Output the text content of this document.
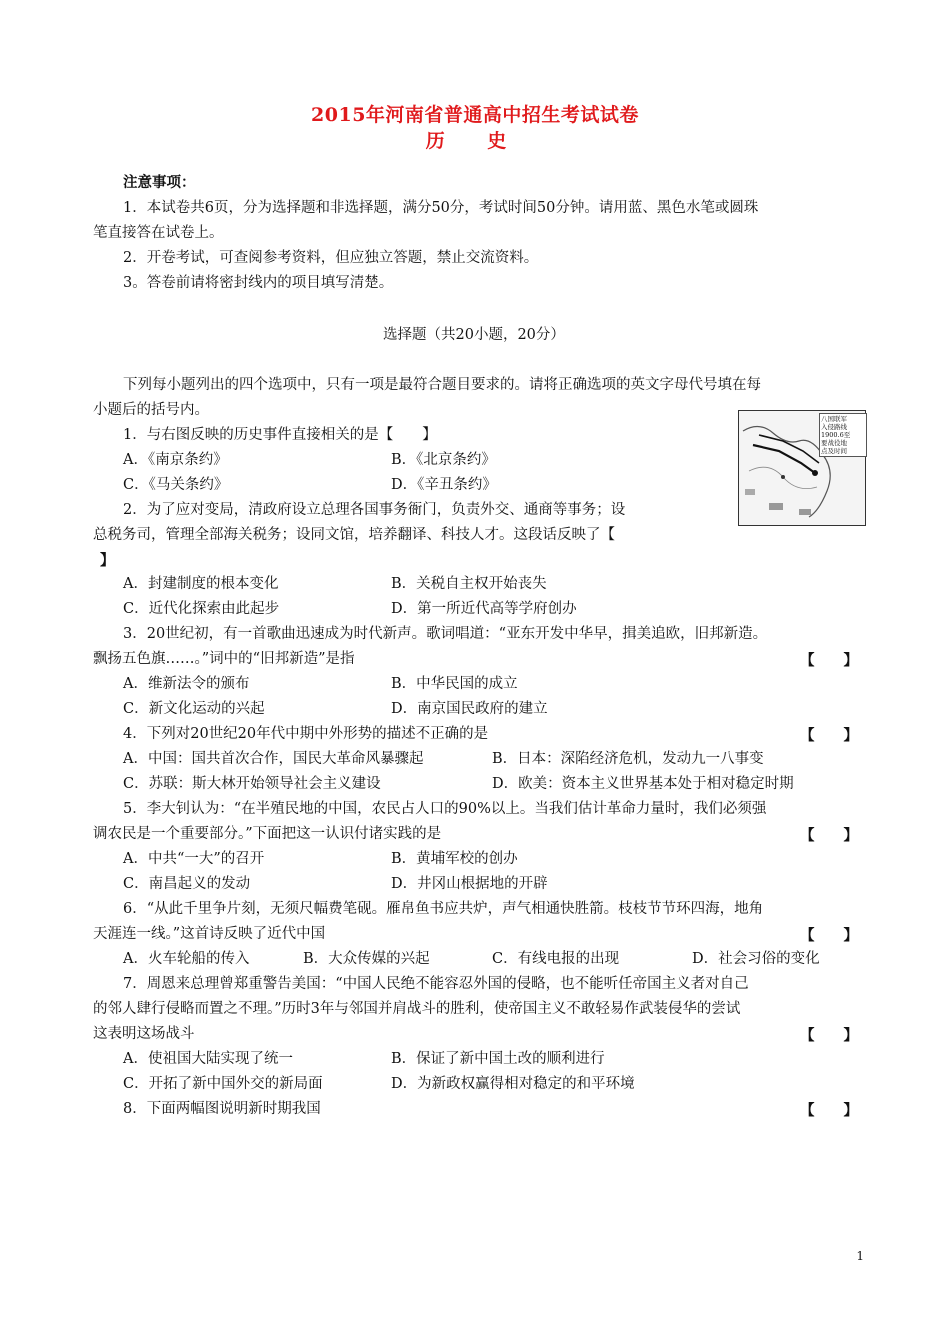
2015年河南省普通高中招生考试试卷
历 史
注意事项：
1．本试卷共6页，分为选择题和非选择题，满分50分，考试时间50分钟。请用蓝、黑色水笔或圆珠
笔直接答在试卷上。
2．开卷考试，可查阅参考资料，但应独立答题，禁止交流资料。
3。答卷前请将密封线内的项目填写清楚。
选择题（共20小题，20分）
下列每小题列出的四个选项中，只有一项是最符合题目要求的。请将正确选项的英文字母代号填在每
小题后的括号内。
1．与右图反映的历史事件直接相关的是【　　】
A．《南京条约》	B．《北京条约》
C．《马关条约》	D．《辛丑条约》
八国联军
入侵路线
1900.6至
要战役地
点及时间
2．为了应对变局，清政府设立总理各国事务衙门，负责外交、通商等事务；设
总税务司，管理全部海关税务；设同文馆，培养翻译、科技人才。这段话反映了【
】
A．封建制度的根本变化	B．关税自主权开始丧失
C．近代化探索由此起步	D．第一所近代高等学府创办
3．20世纪初，有一首歌曲迅速成为时代新声。歌词唱道：“亚东开发中华早，揖美追欧，旧邦新造。
飘扬五色旗……。”词中的“旧邦新造”是指	【　　】
A．维新法令的颁布	B．中华民国的成立
C．新文化运动的兴起	D．南京国民政府的建立
4．下列对20世纪20年代中期中外形势的描述不正确的是	【　　】
A．中国：国共首次合作，国民大革命风暴骤起	B．日本：深陷经济危机，发动九一八事变
C．苏联：斯大林开始领导社会主义建设	D．欧美：资本主义世界基本处于相对稳定时期
5．李大钊认为：“在半殖民地的中国，农民占人口的90%以上。当我们估计革命力量时，我们必须强
调农民是一个重要部分。”下面把这一认识付诸实践的是	【　　】
A．中共“一大”的召开	B．黄埔军校的创办
C．南昌起义的发动	D．井冈山根据地的开辟
6．“从此千里争片刻，无须尺幅费笔砚。雁帛鱼书应共炉，声气相通快胜箭。枝枝节节环四海，地角
天涯连一线。”这首诗反映了近代中国	【　　】
A．火车轮船的传入	B．大众传媒的兴起	C．有线电报的出现	D．社会习俗的变化
7．周恩来总理曾郑重警告美国：“中国人民绝不能容忍外国的侵略，也不能听任帝国主义者对自己
的邻人肆行侵略而置之不理。”历时3年与邻国并肩战斗的胜利，使帝国主义不敢轻易作武装侵华的尝试
这表明这场战斗	【　　】
A．使祖国大陆实现了统一	B．保证了新中国土改的顺利进行
C．开拓了新中国外交的新局面	D．为新政权赢得相对稳定的和平环境
8．下面两幅图说明新时期我国	【　　】
1
